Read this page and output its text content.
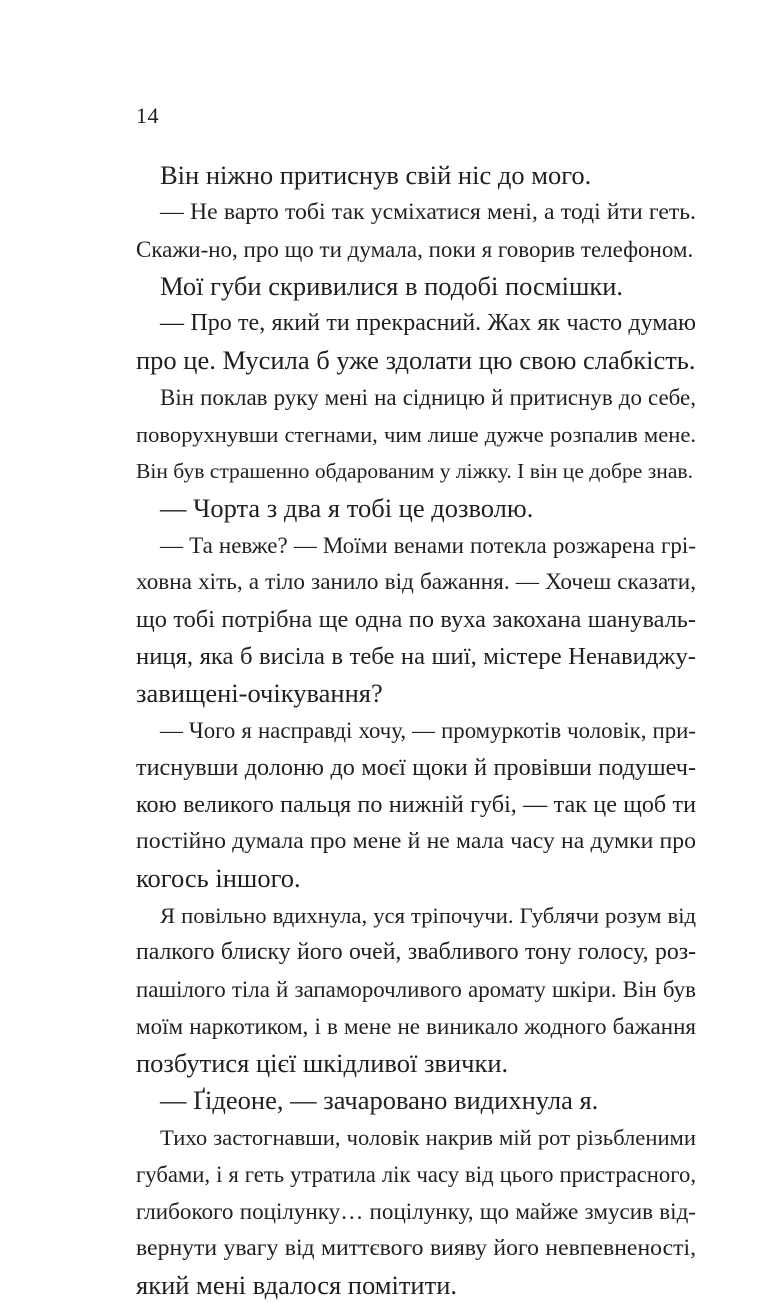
14
Він ніжно притиснув свій ніс до мого.
— Не варто тобі так усміхатися мені, а тоді йти геть.
Скажи-но, про що ти думала, поки я говорив телефоном.
Мої губи скривилися в подобі посмішки.
— Про те, який ти прекрасний. Жах як часто думаю
про це. Мусила б уже здолати цю свою слабкість.
Він поклав руку мені на сідницю й притиснув до себе,
поворухнувши стегнами, чим лише дужче розпалив мене.
Він був страшенно обдарованим у ліжку. І він це добре знав.
— Чорта з два я тобі це дозволю.
— Та невже? — Моїми венами потекла розжарена грі-
ховна хіть, а тіло занило від бажання. — Хочеш сказати,
що тобі потрібна ще одна по вуха закохана шануваль-
ниця, яка б висіла в тебе на шиї, містере Ненавиджу-
завищені-очікування?
— Чого я насправді хочу, — промуркотів чоловік, при-
тиснувши долоню до моєї щоки й провівши подушеч-
кою великого пальця по нижній губі, — так це щоб ти
постійно думала про мене й не мала часу на думки про
когось іншого.
Я повільно вдихнула, уся тріпочучи. Гублячи розум від
палкого блиску його очей, звабливого тону голосу, роз-
пашілого тіла й запаморочливого аромату шкіри. Він був
моїм наркотиком, і в мене не виникало жодного бажання
позбутися цієї шкідливої звички.
— Ґідеоне, — зачаровано видихнула я.
Тихо застогнавши, чоловік накрив мій рот різьбленими
губами, і я геть утратила лік часу від цього пристрасного,
глибокого поцілунку… поцілунку, що майже змусив від-
вернути увагу від миттєвого вияву його невпевненості,
який мені вдалося помітити.
